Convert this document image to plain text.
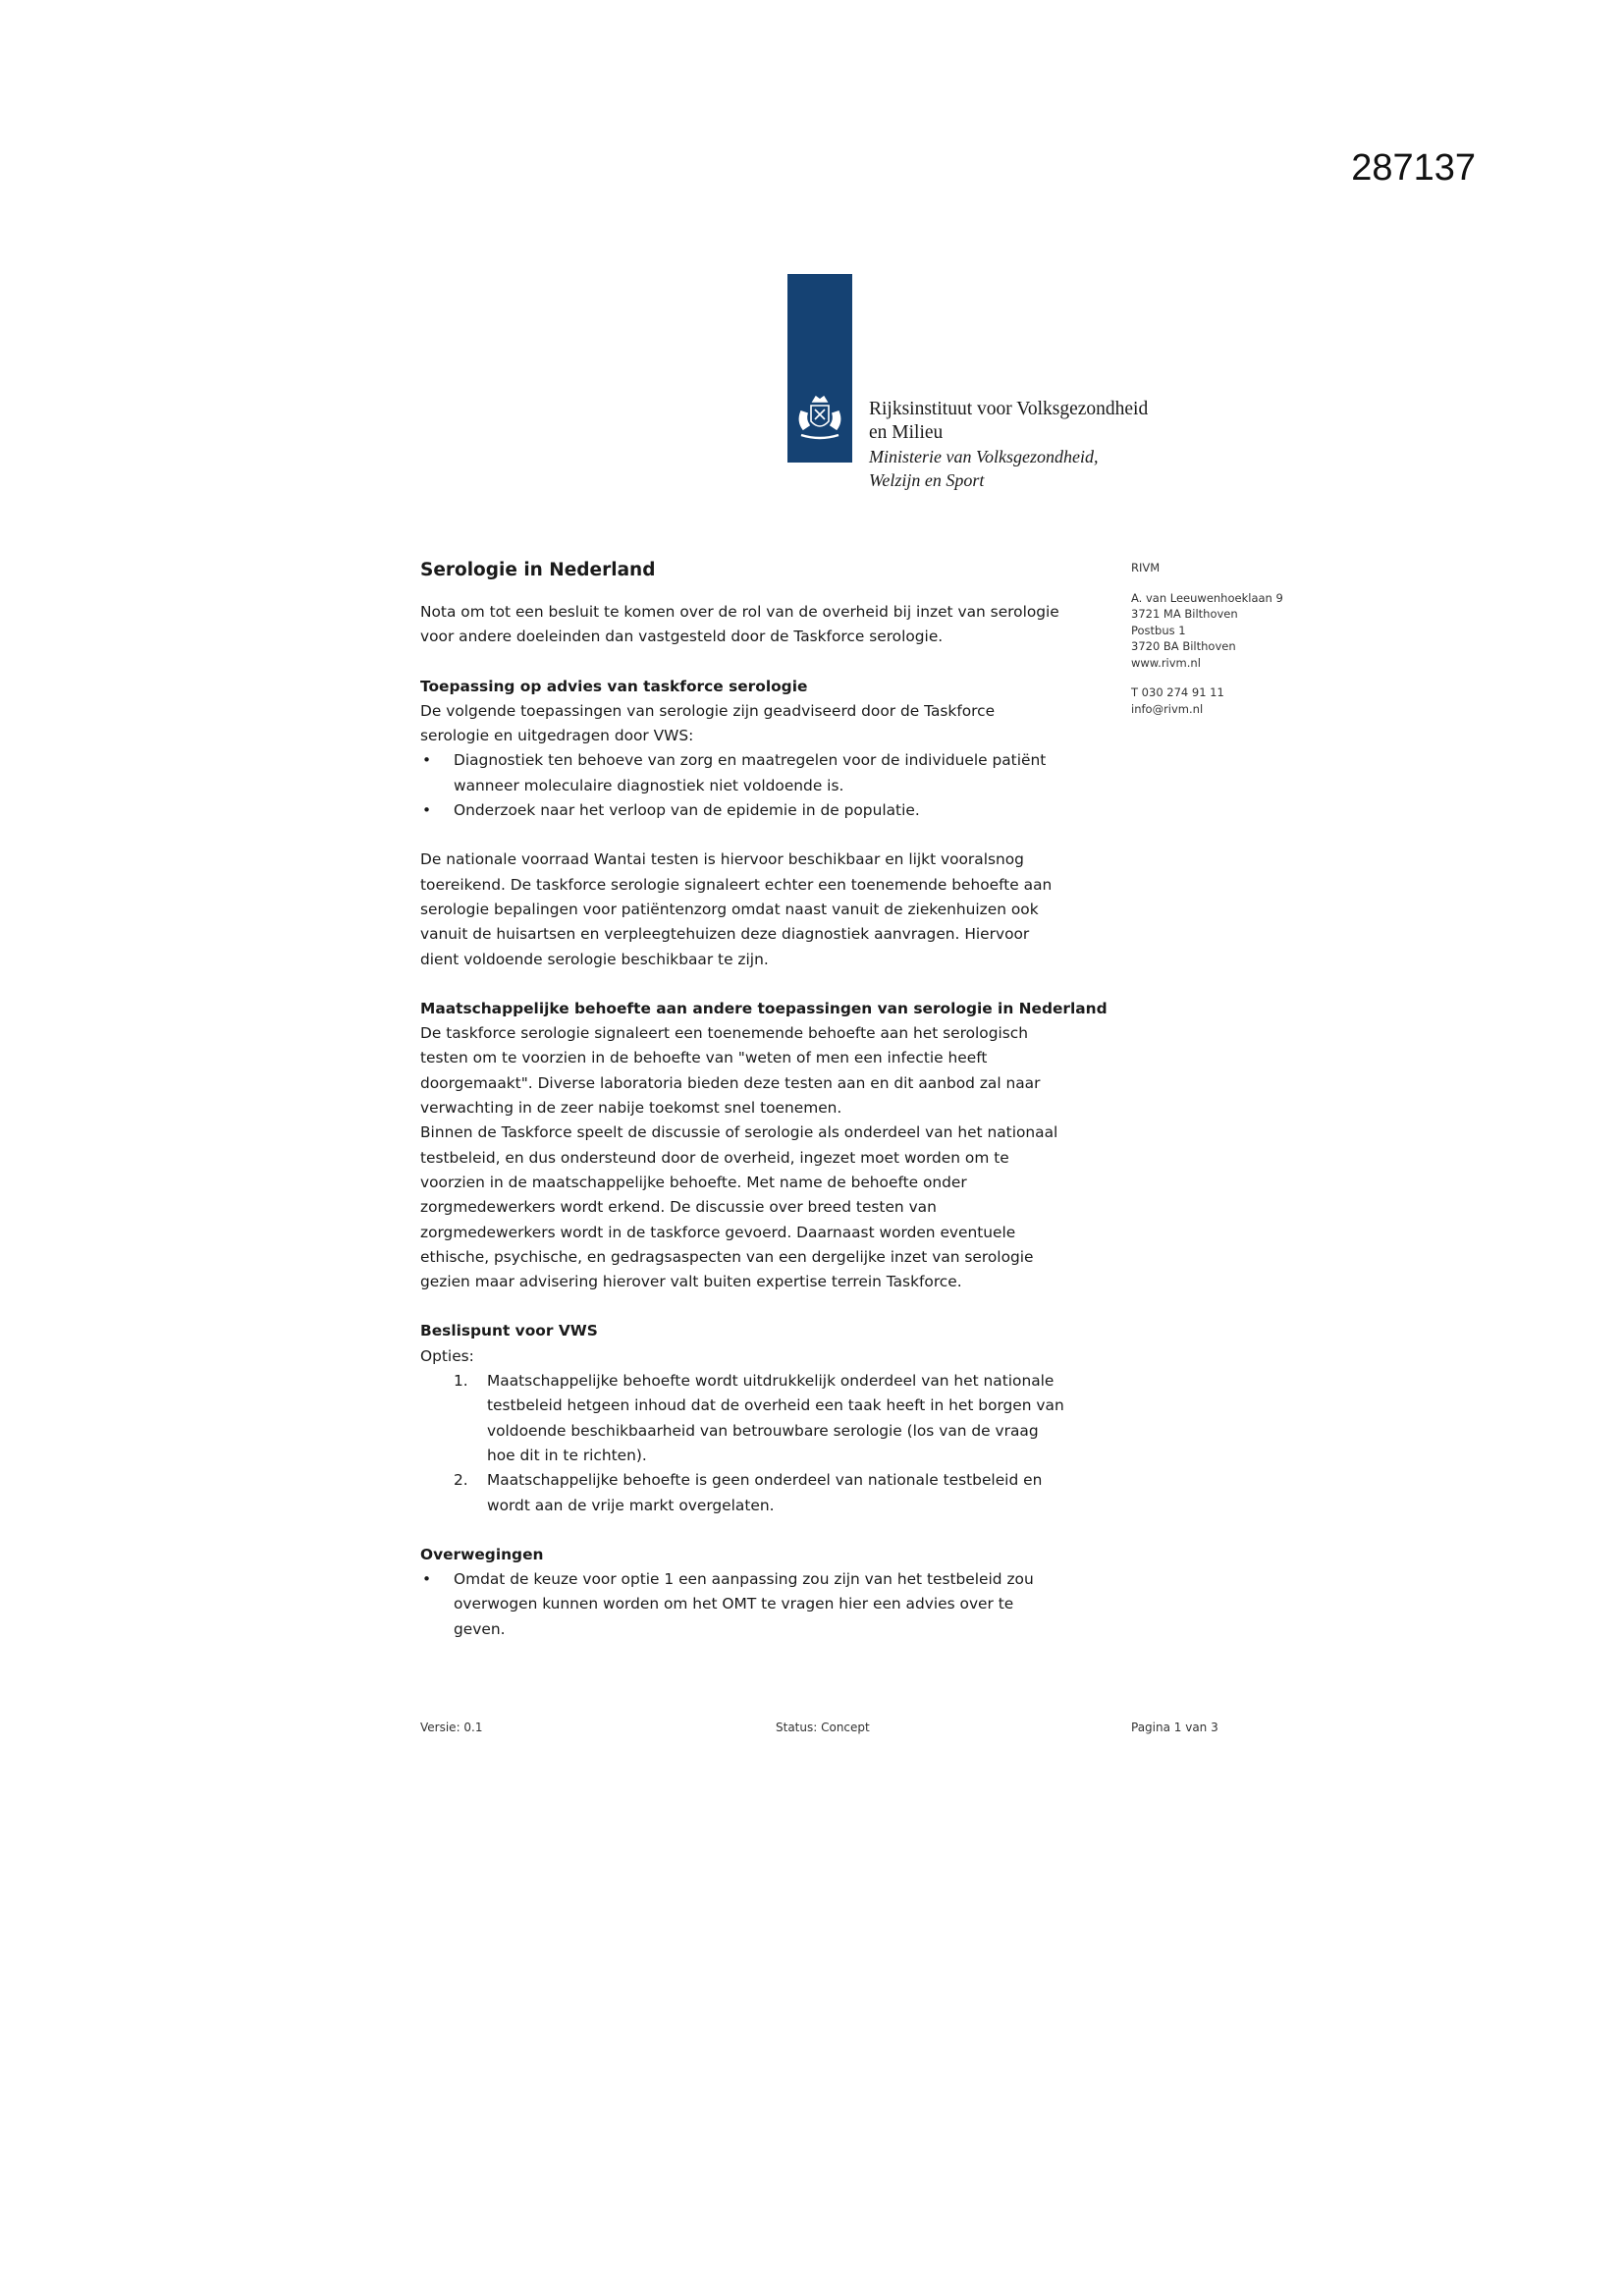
287137
Rijksinstituut voor Volksgezondheid
en Milieu
Ministerie van Volksgezondheid,
Welzijn en Sport
RIVM
A. van Leeuwenhoeklaan 9
3721 MA Bilthoven
Postbus 1
3720 BA Bilthoven
www.rivm.nl
T 030 274 91 11
info@rivm.nl
Serologie in Nederland

Nota om tot een besluit te komen over de rol van de overheid bij inzet van serologie

voor andere doeleinden dan vastgesteld door de Taskforce serologie.

Toepassing op advies van taskforce serologie

De volgende toepassingen van serologie zijn geadviseerd door de Taskforce

serologie en uitgedragen door VWS:

• Diagnostiek ten behoeve van zorg en maatregelen voor de individuele patiënt
wanneer moleculaire diagnostiek niet voldoende is.
• Onderzoek naar het verloop van de epidemie in de populatie.

De nationale voorraad Wantai testen is hiervoor beschikbaar en lijkt vooralsnog

toereikend. De taskforce serologie signaleert echter een toenemende behoefte aan

serologie bepalingen voor patiëntenzorg omdat naast vanuit de ziekenhuizen ook

vanuit de huisartsen en verpleegtehuizen deze diagnostiek aanvragen. Hiervoor

dient voldoende serologie beschikbaar te zijn.

Maatschappelijke behoefte aan andere toepassingen van serologie in Nederland

De taskforce serologie signaleert een toenemende behoefte aan het serologisch

testen om te voorzien in de behoefte van "weten of men een infectie heeft

doorgemaakt". Diverse laboratoria bieden deze testen aan en dit aanbod zal naar

verwachting in de zeer nabije toekomst snel toenemen.

Binnen de Taskforce speelt de discussie of serologie als onderdeel van het nationaal

testbeleid, en dus ondersteund door de overheid, ingezet moet worden om te

voorzien in de maatschappelijke behoefte. Met name de behoefte onder

zorgmedewerkers wordt erkend. De discussie over breed testen van

zorgmedewerkers wordt in de taskforce gevoerd. Daarnaast worden eventuele

ethische, psychische, en gedragsaspecten van een dergelijke inzet van serologie

gezien maar advisering hierover valt buiten expertise terrein Taskforce.

Beslispunt voor VWS

Opties:

1. Maatschappelijke behoefte wordt uitdrukkelijk onderdeel van het nationale
testbeleid hetgeen inhoud dat de overheid een taak heeft in het borgen van
voldoende beschikbaarheid van betrouwbare serologie (los van de vraag
hoe dit in te richten).
2. Maatschappelijke behoefte is geen onderdeel van nationale testbeleid en
wordt aan de vrije markt overgelaten.

Overwegingen

• Omdat de keuze voor optie 1 een aanpassing zou zijn van het testbeleid zou
overwogen kunnen worden om het OMT te vragen hier een advies over te
geven.
Versie: 0.1	Status: Concept	Pagina 1 van 3
